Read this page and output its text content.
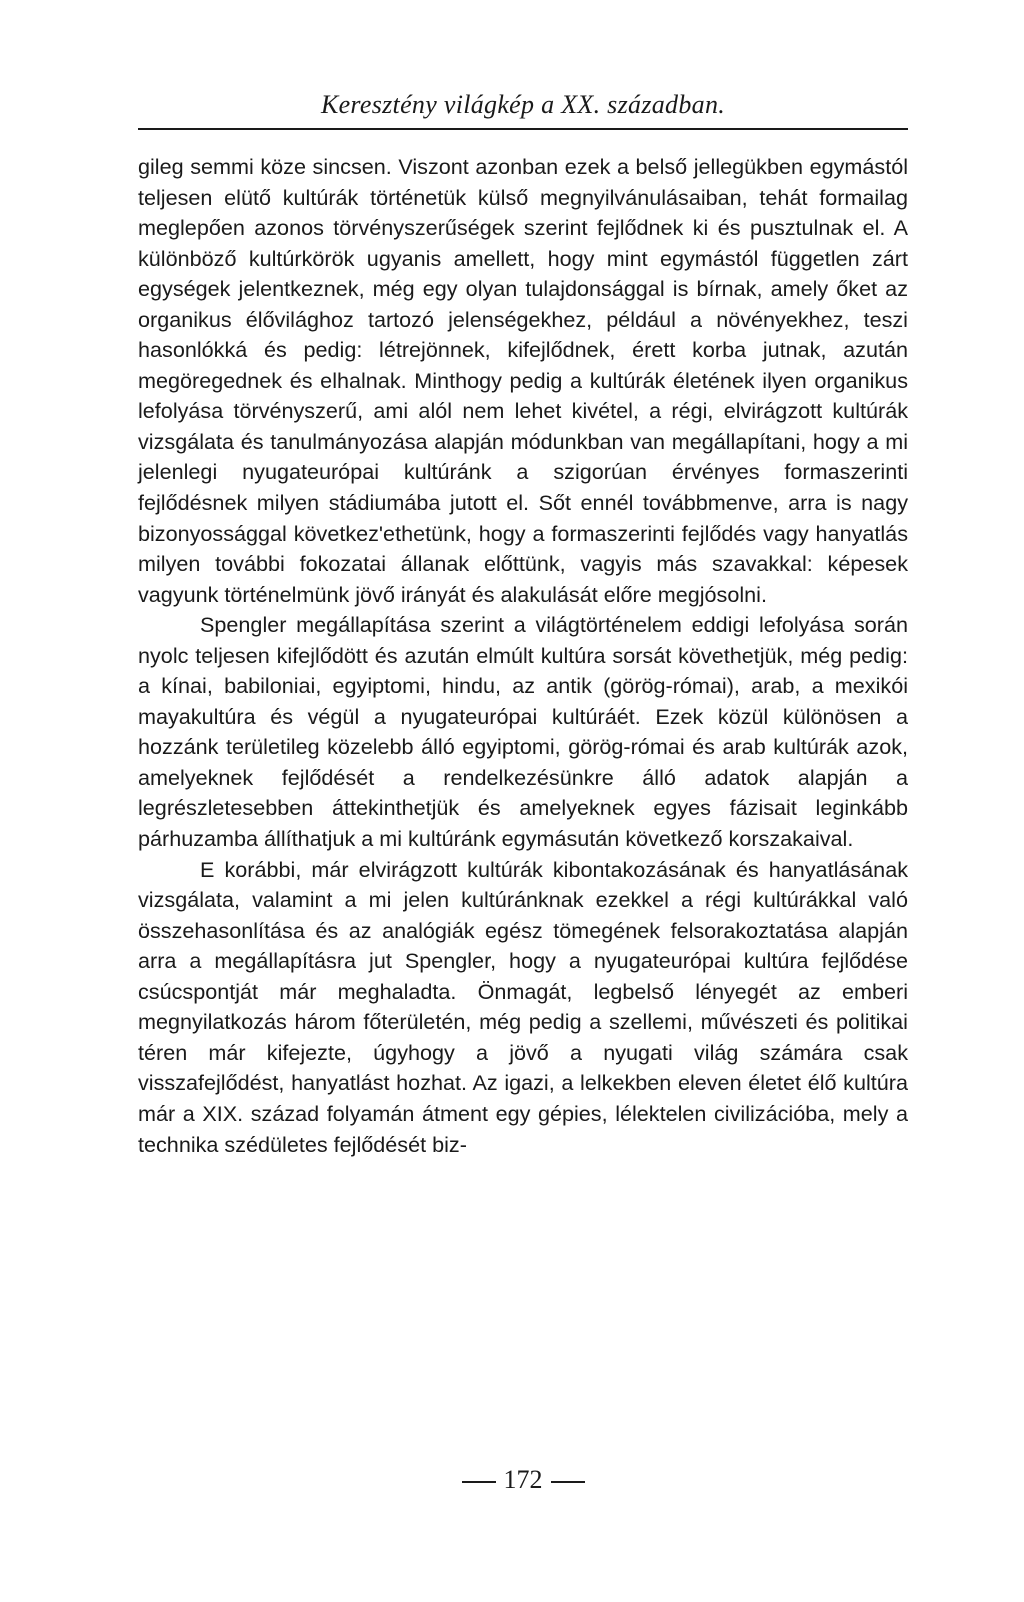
Keresztény világkép a XX. században.

gileg semmi köze sincsen. Viszont azonban ezek a belső jellegükben egymástól teljesen elütő kultúrák történetük külső megnyilvánulásaiban, tehát formailag meglepően azonos törvényszerűségek szerint fejlődnek ki és pusztulnak el. A különböző kultúrkörök ugyanis amellett, hogy mint egymástól független zárt egységek jelentkeznek, még egy olyan tulajdonsággal is bírnak, amely őket az organikus élővilághoz tartozó jelenségekhez, például a növényekhez, teszi hasonlókká és pedig: létrejönnek, kifejlődnek, érett korba jutnak, azután megöregednek és elhalnak. Minthogy pedig a kultúrák életének ilyen organikus lefolyása törvényszerű, ami alól nem lehet kivétel, a régi, elvirágzott kultúrák vizsgálata és tanulmányozása alapján módunkban van megállapítani, hogy a mi jelenlegi nyugateurópai kultúránk a szigorúan érvényes formaszerinti fejlődésnek milyen stádiumába jutott el. Sőt ennél továbbmenve, arra is nagy bizonyossággal következ'ethetünk, hogy a formaszerinti fejlődés vagy hanyatlás milyen további fokozatai állanak előttünk, vagyis más szavakkal: képesek vagyunk történelmünk jövő irányát és alakulását előre megjósolni.

Spengler megállapítása szerint a világtörténelem eddigi lefolyása során nyolc teljesen kifejlődött és azután elmúlt kultúra sorsát követhetjük, még pedig: a kínai, babiloniai, egyiptomi, hindu, az antik (görög-római), arab, a mexikói mayakultúra és végül a nyugateurópai kultúráét. Ezek közül különösen a hozzánk területileg közelebb álló egyiptomi, görög-római és arab kultúrák azok, amelyeknek fejlődését a rendelkezésünkre álló adatok alapján a legrészletesebben áttekinthetjük és amelyeknek egyes fázisait leginkább párhuzamba állíthatjuk a mi kultúránk egymásután következő korszakaival.

E korábbi, már elvirágzott kultúrák kibontakozásának és hanyatlásának vizsgálata, valamint a mi jelen kultúránknak ezekkel a régi kultúrákkal való összehasonlítása és az analógiák egész tömegének felsorakoztatása alapján arra a megállapításra jut Spengler, hogy a nyugateurópai kultúra fejlődése csúcspontját már meghaladta. Önmagát, legbelső lényegét az emberi megnyilatkozás három főterületén, még pedig a szellemi, művészeti és politikai téren már kifejezte, úgyhogy a jövő a nyugati világ számára csak visszafejlődést, hanyatlást hozhat. Az igazi, a lelkekben eleven életet élő kultúra már a XIX. század folyamán átment egy gépies, lélektelen civilizációba, mely a technika szédületes fejlődését biz-

172
